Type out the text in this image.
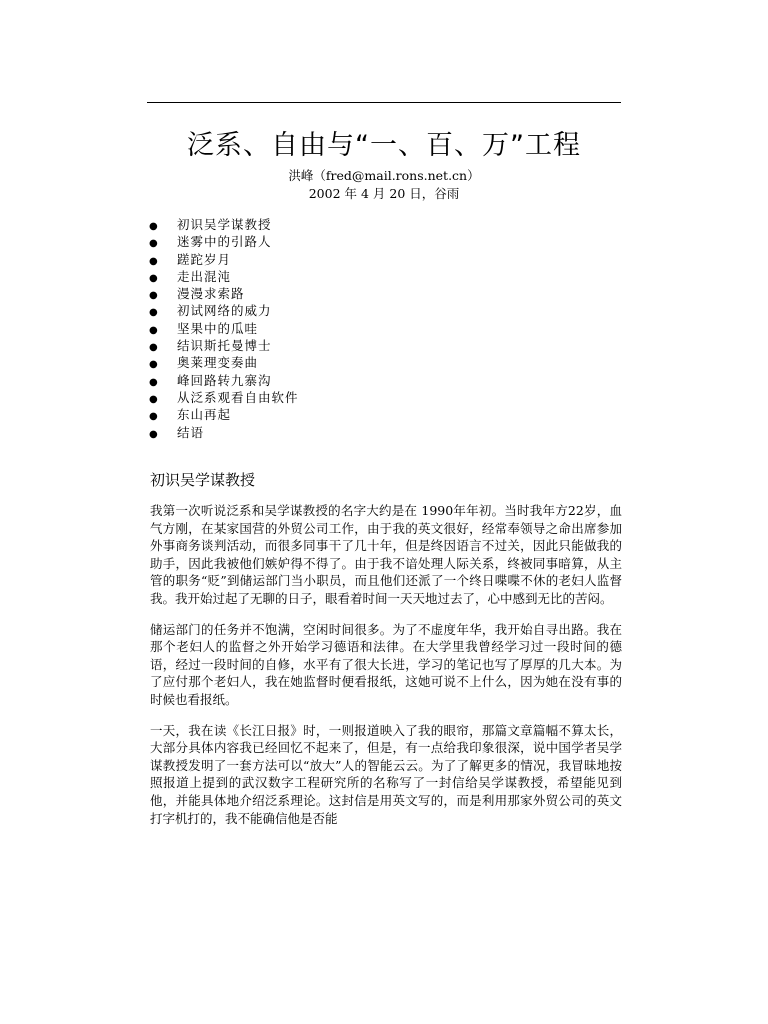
泛系、自由与“一、百、万”工程
洪峰（fred@mail.rons.net.cn）
2002 年 4 月 20 日，谷雨
● 初识吴学谋教授
● 迷雾中的引路人
● 蹉跎岁月
● 走出混沌
● 漫漫求索路
● 初试网络的威力
● 坚果中的瓜哇
● 结识斯托曼博士
● 奥莱理变奏曲
● 峰回路转九寨沟
● 从泛系观看自由软件
● 东山再起
● 结语
初识吴学谋教授

我第一次听说泛系和吴学谋教授的名字大约是在 1990年年初。当时我年方22岁，血气方刚，在某家国营的外贸公司工作，由于我的英文很好，经常奉领导之命出席参加外事商务谈判活动，而很多同事干了几十年，但是终因语言不过关，因此只能做我的助手，因此我被他们嫉妒得不得了。由于我不谙处理人际关系，终被同事暗算，从主管的职务“贬”到储运部门当小职员，而且他们还派了一个终日喋喋不休的老妇人监督我。我开始过起了无聊的日子，眼看着时间一天天地过去了，心中感到无比的苦闷。

储运部门的任务并不饱满，空闲时间很多。为了不虚度年华，我开始自寻出路。我在那个老妇人的监督之外开始学习德语和法律。在大学里我曾经学习过一段时间的德语，经过一段时间的自修，水平有了很大长进，学习的笔记也写了厚厚的几大本。为了应付那个老妇人，我在她监督时便看报纸，这她可说不上什么，因为她在没有事的时候也看报纸。

一天，我在读《长江日报》时，一则报道映入了我的眼帘，那篇文章篇幅不算太长，大部分具体内容我已经回忆不起来了，但是，有一点给我印象很深，说中国学者吴学谋教授发明了一套方法可以“放大”人的智能云云。为了了解更多的情况，我冒昧地按照报道上提到的武汉数字工程研究所的名称写了一封信给吴学谋教授，希望能见到他，并能具体地介绍泛系理论。这封信是用英文写的，而是利用那家外贸公司的英文打字机打的，我不能确信他是否能
